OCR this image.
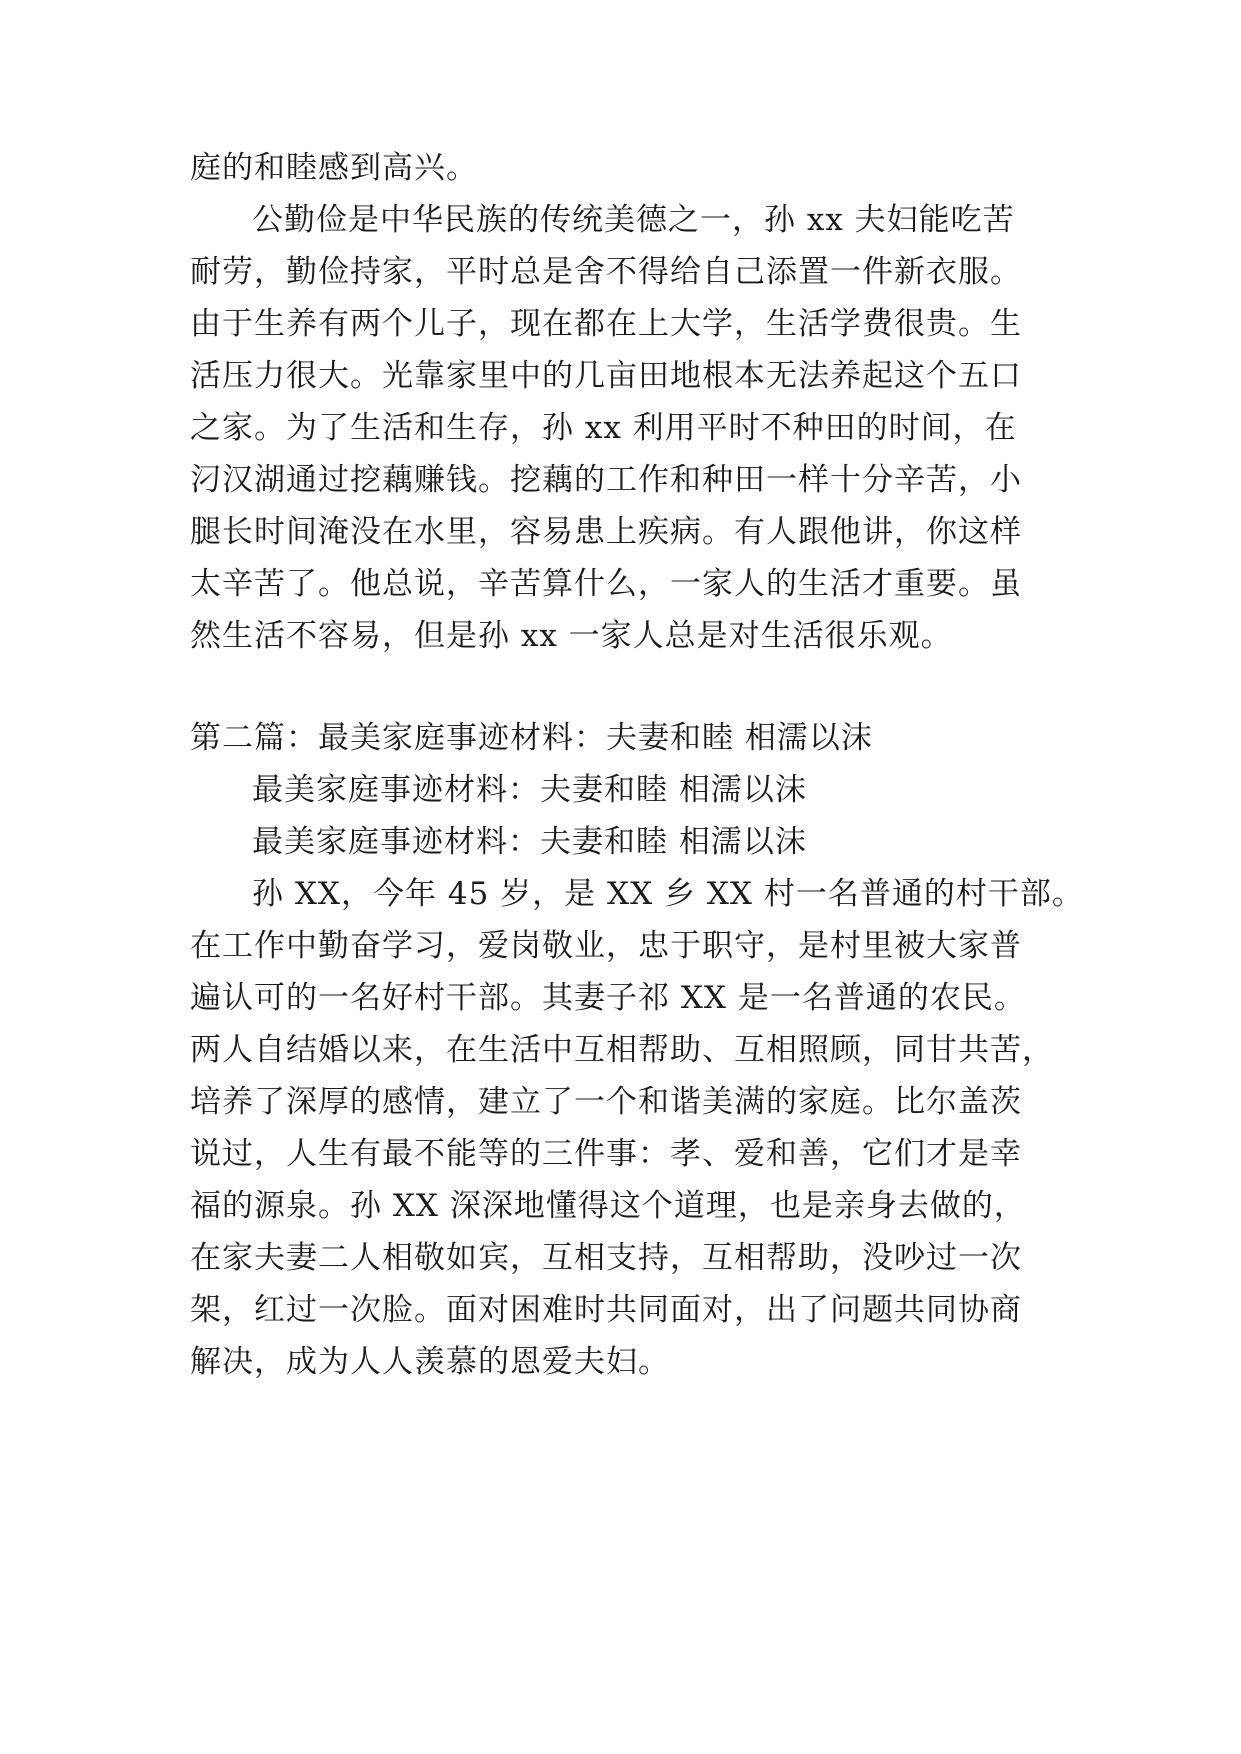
庭的和睦感到高兴。

公勤俭是中华民族的传统美德之一，孙 xx 夫妇能吃苦

耐劳，勤俭持家，平时总是舍不得给自己添置一件新衣服。

由于生养有两个儿子，现在都在上大学，生活学费很贵。生

活压力很大。光靠家里中的几亩田地根本无法养起这个五口

之家。为了生活和生存，孙 xx 利用平时不种田的时间，在

汈汉湖通过挖藕赚钱。挖藕的工作和种田一样十分辛苦，小

腿长时间淹没在水里，容易患上疾病。有人跟他讲，你这样

太辛苦了。他总说，辛苦算什么，一家人的生活才重要。虽

然生活不容易，但是孙 xx 一家人总是对生活很乐观。

第二篇：最美家庭事迹材料：夫妻和睦 相濡以沫

最美家庭事迹材料：夫妻和睦 相濡以沫

最美家庭事迹材料：夫妻和睦 相濡以沫

孙 XX，今年 45 岁，是 XX 乡 XX 村一名普通的村干部。

在工作中勤奋学习，爱岗敬业，忠于职守，是村里被大家普

遍认可的一名好村干部。其妻子祁 XX 是一名普通的农民。

两人自结婚以来，在生活中互相帮助、互相照顾，同甘共苦，

培养了深厚的感情，建立了一个和谐美满的家庭。比尔盖茨

说过，人生有最不能等的三件事：孝、爱和善，它们才是幸

福的源泉。孙 XX 深深地懂得这个道理，也是亲身去做的，

在家夫妻二人相敬如宾，互相支持，互相帮助，没吵过一次

架，红过一次脸。面对困难时共同面对，出了问题共同协商

解决，成为人人羡慕的恩爱夫妇。
